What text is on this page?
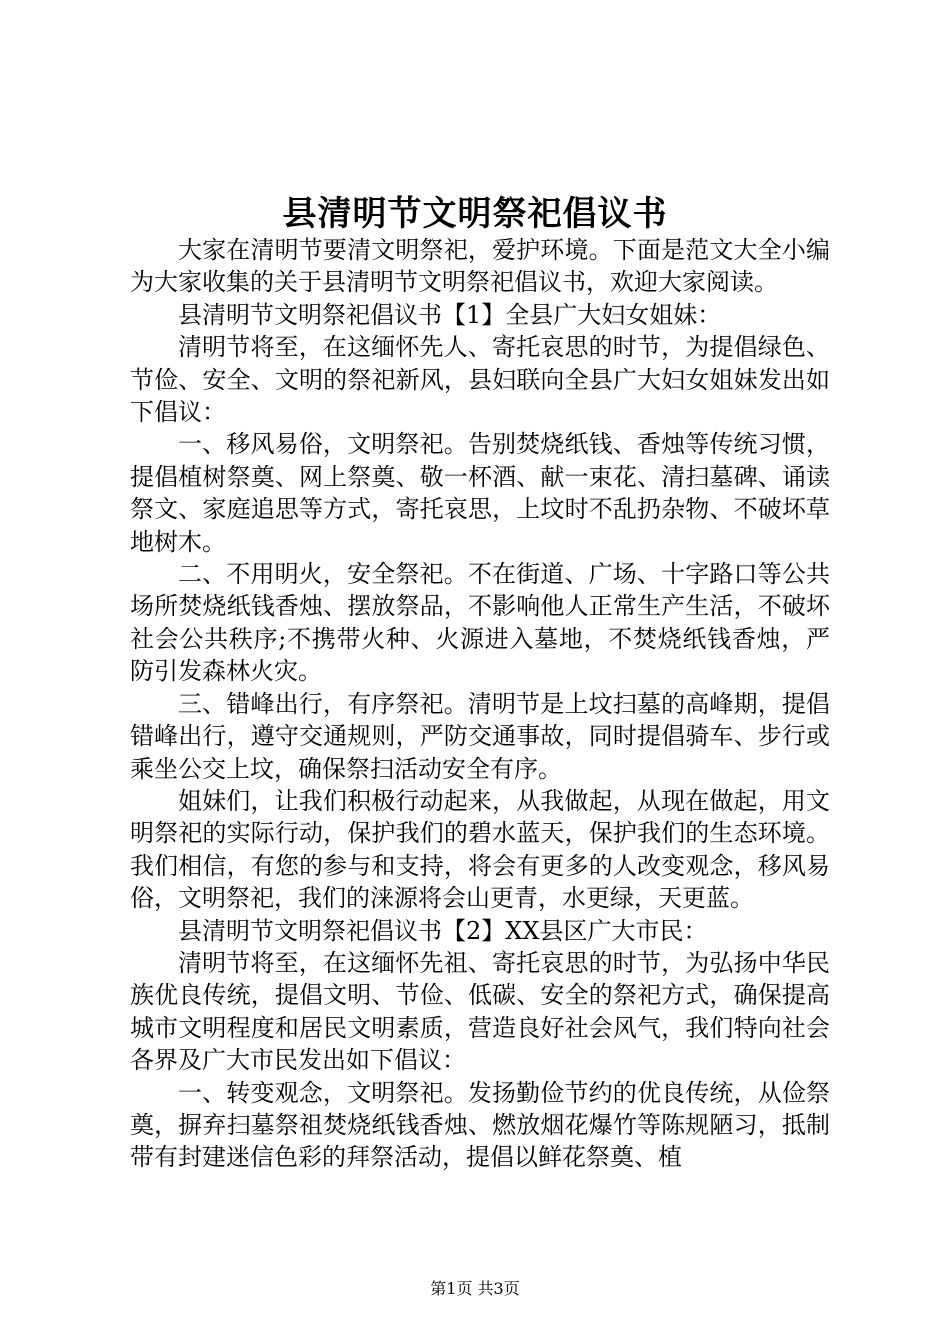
县清明节文明祭祀倡议书

大家在清明节要清文明祭祀，爱护环境。下面是范文大全小编为大家收集的关于县清明节文明祭祀倡议书，欢迎大家阅读。

县清明节文明祭祀倡议书【1】全县广大妇女姐妹：

清明节将至，在这缅怀先人、寄托哀思的时节，为提倡绿色、节俭、安全、文明的祭祀新风，县妇联向全县广大妇女姐妹发出如下倡议：

一、移风易俗，文明祭祀。告别焚烧纸钱、香烛等传统习惯，提倡植树祭奠、网上祭奠、敬一杯酒、献一束花、清扫墓碑、诵读祭文、家庭追思等方式，寄托哀思，上坟时不乱扔杂物、不破坏草地树木。

二、不用明火，安全祭祀。不在街道、广场、十字路口等公共场所焚烧纸钱香烛、摆放祭品，不影响他人正常生产生活，不破坏社会公共秩序;不携带火种、火源进入墓地，不焚烧纸钱香烛，严防引发森林火灾。

三、错峰出行，有序祭祀。清明节是上坟扫墓的高峰期，提倡错峰出行，遵守交通规则，严防交通事故，同时提倡骑车、步行或乘坐公交上坟，确保祭扫活动安全有序。

姐妹们，让我们积极行动起来，从我做起，从现在做起，用文明祭祀的实际行动，保护我们的碧水蓝天，保护我们的生态环境。我们相信，有您的参与和支持，将会有更多的人改变观念，移风易俗，文明祭祀，我们的涞源将会山更青，水更绿，天更蓝。

县清明节文明祭祀倡议书【2】XX县区广大市民：

清明节将至，在这缅怀先祖、寄托哀思的时节，为弘扬中华民族优良传统，提倡文明、节俭、低碳、安全的祭祀方式，确保提高城市文明程度和居民文明素质，营造良好社会风气，我们特向社会各界及广大市民发出如下倡议：

一、转变观念，文明祭祀。发扬勤俭节约的优良传统，从俭祭奠，摒弃扫墓祭祖焚烧纸钱香烛、燃放烟花爆竹等陈规陋习，抵制带有封建迷信色彩的拜祭活动，提倡以鲜花祭奠、植

第1页 共3页
